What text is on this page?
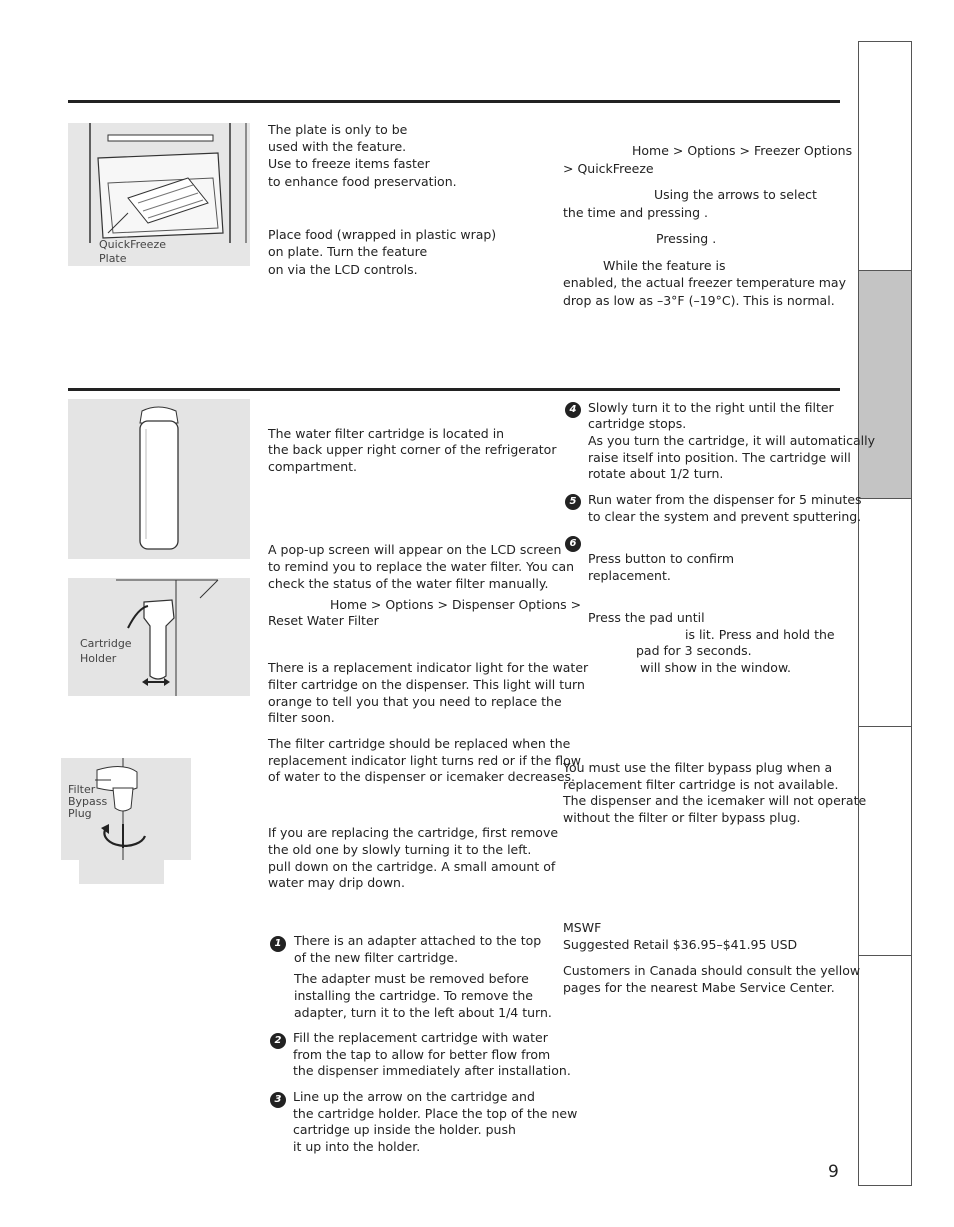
QuickFreeze
Plate
The plate is only to be
used with the feature.
Use to freeze items faster
to enhance food preservation.
Place food (wrapped in plastic wrap)
on plate. Turn the feature
on via the LCD controls.
Home > Options > Freezer Options
> QuickFreeze
Using the arrows to select
the time and pressing .
Pressing .
While the feature is
enabled, the actual freezer temperature may
drop as low as –3°F (–19°C). This is normal.
Cartridge
Holder
Filter
Bypass
Plug
The water filter cartridge is located in
the back upper right corner of the refrigerator
compartment.
A pop-up screen will appear on the LCD screen
to remind you to replace the water filter. You can
check the status of the water filter manually.
Home > Options > Dispenser Options >
Reset Water Filter
There is a replacement indicator light for the water
filter cartridge on the dispenser. This light will turn
orange to tell you that you need to replace the
filter soon.
The filter cartridge should be replaced when the
replacement indicator light turns red or if the flow
of water to the dispenser or icemaker decreases.
If you are replacing the cartridge, first remove
the old one by slowly turning it to the left.
pull down on the cartridge. A small amount of
water may drip down.
1	There is an adapter attached to the top
of the new filter cartridge.
The adapter must be removed before
installing the cartridge. To remove the
adapter, turn it to the left about 1/4 turn.
2 Fill the replacement cartridge with water
from the tap to allow for better flow from
the dispenser immediately after installation.
3 Line up the arrow on the cartridge and
the cartridge holder. Place the top of the new
cartridge up inside the holder. push
it up into the holder.
4 Slowly turn it to the right until the filter
cartridge stops.
As you turn the cartridge, it will automatically
raise itself into position. The cartridge will
rotate about 1/2 turn.
5 Run water from the dispenser for 5 minutes
to clear the system and prevent sputtering.
6
Press button to confirm
replacement.
Press the pad until
is lit. Press and hold the
pad for 3 seconds.
will show in the window.
You must use the filter bypass plug when a
replacement filter cartridge is not available.
The dispenser and the icemaker will not operate
without the filter or filter bypass plug.
MSWF
Suggested Retail $36.95–$41.95 USD
Customers in Canada should consult the yellow
pages for the nearest Mabe Service Center.
9
